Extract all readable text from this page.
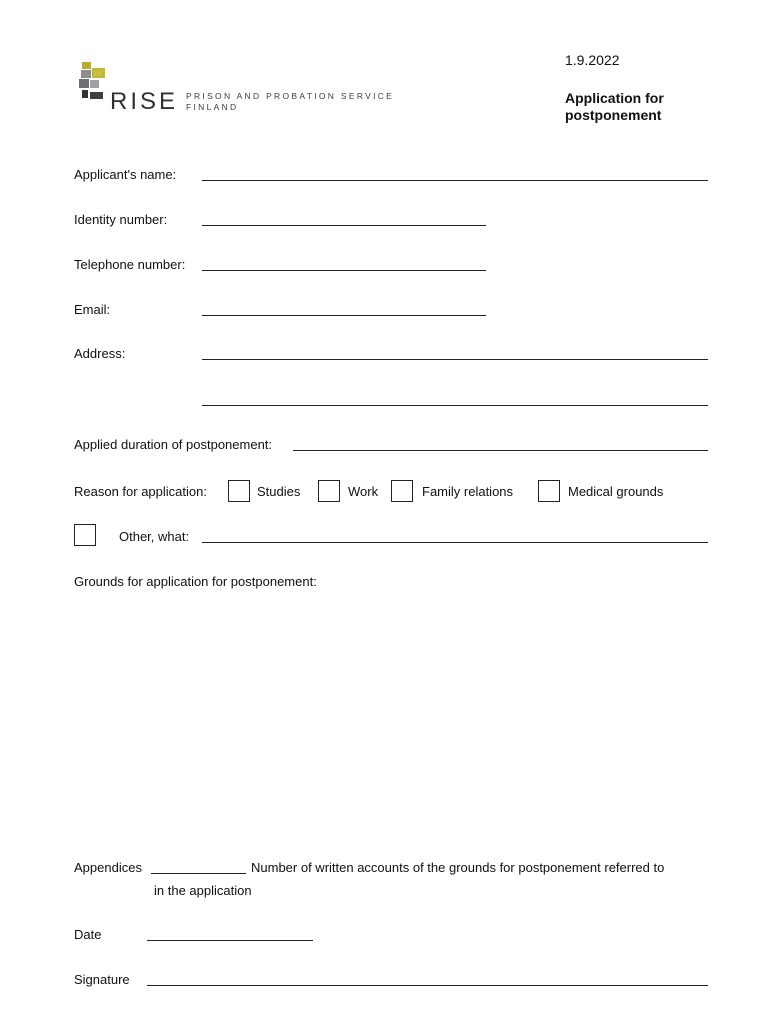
RISE PRISON AND PROBATION SERVICE
FINLAND
1.9.2022
Application for
postponement
Applicant's name:
Identity number:
Telephone number:
Email:
Address:
Applied duration of postponement:
Reason for application:	Studies	Work	Family relations	Medical grounds
Other, what:
Grounds for application for postponement:
Appendices	Number of written accounts of the grounds for postponement referred to
in the application
Date
Signature
